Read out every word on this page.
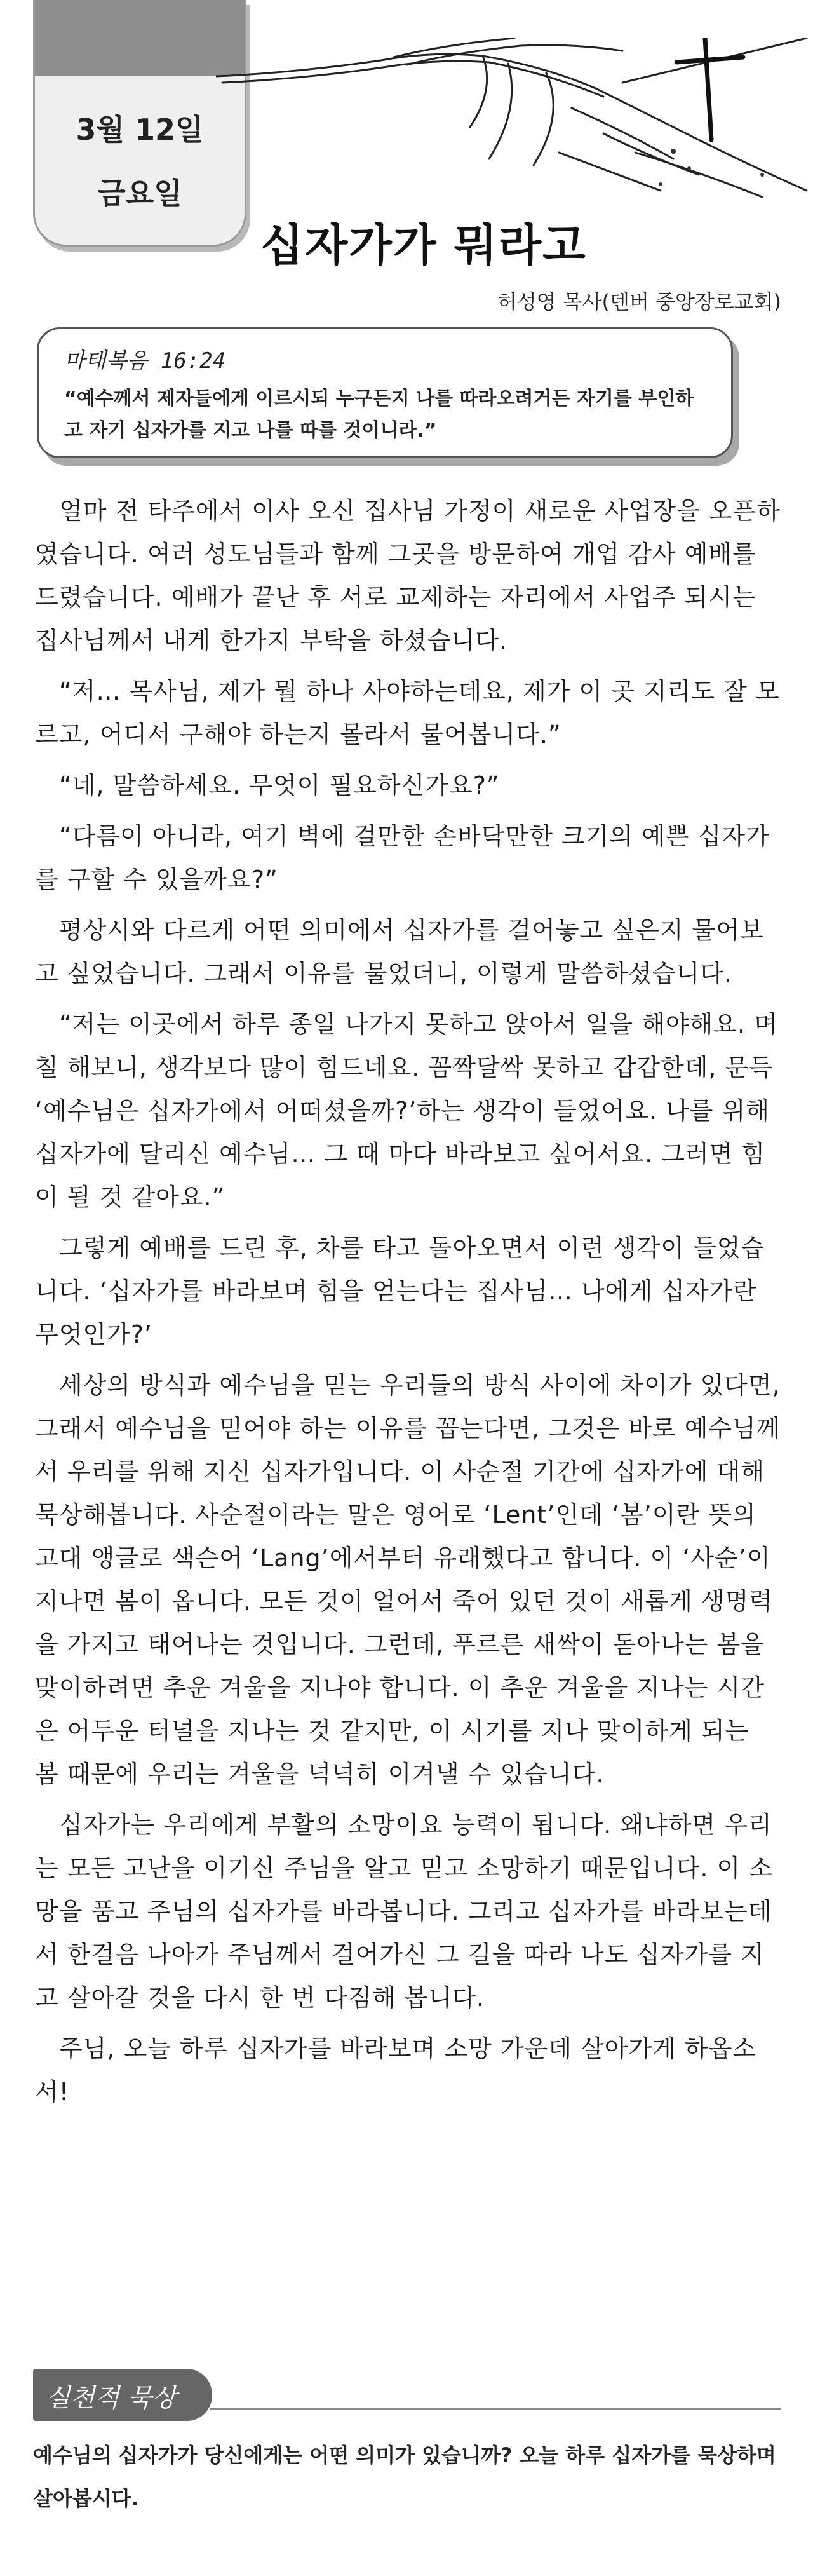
3월 12일
금요일
십자가가 뭐라고
허성영 목사(덴버 중앙장로교회)
마태복음 16:24
“예수께서 제자들에게 이르시되 누구든지 나를 따라오려거든 자기를 부인하고 자기 십자가를 지고 나를 따를 것이니라.”

얼마 전 타주에서 이사 오신 집사님 가정이 새로운 사업장을 오픈하였습니다. 여러 성도님들과 함께 그곳을 방문하여 개업 감사 예배를 드렸습니다. 예배가 끝난 후 서로 교제하는 자리에서 사업주 되시는 집사님께서 내게 한가지 부탁을 하셨습니다.

“저… 목사님, 제가 뭘 하나 사야하는데요, 제가 이 곳 지리도 잘 모르고, 어디서 구해야 하는지 몰라서 물어봅니다.”

“네, 말씀하세요. 무엇이 필요하신가요?”

“다름이 아니라, 여기 벽에 걸만한 손바닥만한 크기의 예쁜 십자가를 구할 수 있을까요?”

평상시와 다르게 어떤 의미에서 십자가를 걸어놓고 싶은지 물어보고 싶었습니다. 그래서 이유를 물었더니, 이렇게 말씀하셨습니다.

“저는 이곳에서 하루 종일 나가지 못하고 앉아서 일을 해야해요. 며칠 해보니, 생각보다 많이 힘드네요. 꼼짝달싹 못하고 갑갑한데, 문득 ‘예수님은 십자가에서 어떠셨을까?’하는 생각이 들었어요. 나를 위해 십자가에 달리신 예수님… 그 때 마다 바라보고 싶어서요. 그러면 힘이 될 것 같아요.”

그렇게 예배를 드린 후, 차를 타고 돌아오면서 이런 생각이 들었습니다. ‘십자가를 바라보며 힘을 얻는다는 집사님… 나에게 십자가란 무엇인가?’

세상의 방식과 예수님을 믿는 우리들의 방식 사이에 차이가 있다면, 그래서 예수님을 믿어야 하는 이유를 꼽는다면, 그것은 바로 예수님께서 우리를 위해 지신 십자가입니다. 이 사순절 기간에 십자가에 대해 묵상해봅니다. 사순절이라는 말은 영어로 ‘Lent’인데 ‘봄’이란 뜻의 고대 앵글로 색슨어 ‘Lang’에서부터 유래했다고 합니다. 이 ‘사순’이 지나면 봄이 옵니다. 모든 것이 얼어서 죽어 있던 것이 새롭게 생명력을 가지고 태어나는 것입니다. 그런데, 푸르른 새싹이 돋아나는 봄을 맞이하려면 추운 겨울을 지나야 합니다. 이 추운 겨울을 지나는 시간은 어두운 터널을 지나는 것 같지만, 이 시기를 지나 맞이하게 되는 봄 때문에 우리는 겨울을 넉넉히 이겨낼 수 있습니다.

십자가는 우리에게 부활의 소망이요 능력이 됩니다. 왜냐하면 우리는 모든 고난을 이기신 주님을 알고 믿고 소망하기 때문입니다. 이 소망을 품고 주님의 십자가를 바라봅니다. 그리고 십자가를 바라보는데서 한걸음 나아가 주님께서 걸어가신 그 길을 따라 나도 십자가를 지고 살아갈 것을 다시 한 번 다짐해 봅니다.

주님, 오늘 하루 십자가를 바라보며 소망 가운데 살아가게 하옵소서!

실천적 묵상
예수님의 십자가가 당신에게는 어떤 의미가 있습니까? 오늘 하루 십자가를 묵상하며 살아봅시다.
